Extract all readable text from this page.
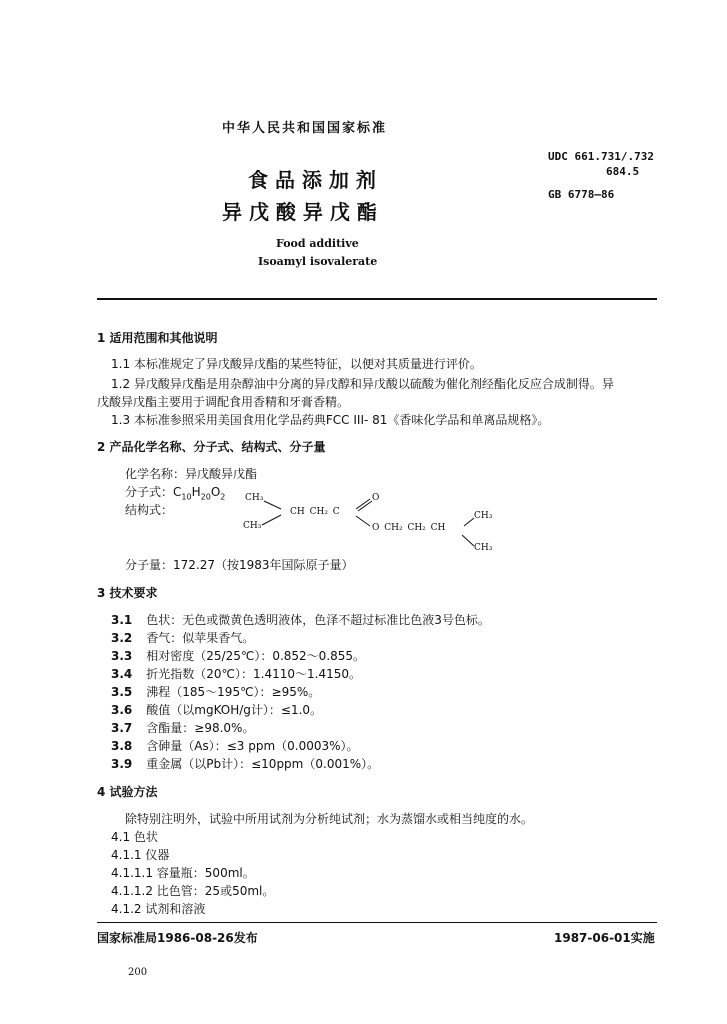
中华人民共和国国家标准
食 品 添 加 剂
异 戊 酸 异 戊 酯
Food additive
Isoamyl isovalerate
UDC 661.731/.732
684.5
GB 6778—86
1 适用范围和其他说明
1.1 本标准规定了异戊酸异戊酯的某些特征，以便对其质量进行评价。
1.2 异戊酸异戊酯是用杂醇油中分离的异戊醇和异戊酸以硫酸为催化剂经酯化反应合成制得。异
戊酸异戊酯主要用于调配食用香精和牙膏香精。
1.3 本标准参照采用美国食用化学品药典FCC III- 81《香味化学品和单离品规格》。
2 产品化学名称、分子式、结构式、分子量
化学名称：异戊酸异戊酯
分子式：$C_{10}H_{20}O_2$
结构式：
CH₃
CH₃
CH CH₂ C
O
O CH₂ CH₂ CH
CH₃
CH₃
分子量：172.27（按1983年国际原子量）
3 技术要求
3.1 色状：无色或微黄色透明液体，色泽不超过标准比色液3号色标。
3.2 香气：似苹果香气。
3.3 相对密度（25/25℃）：0.852～0.855。
3.4 折光指数（20℃）：1.4110～1.4150。
3.5 沸程（185～195℃）：≥95%。
3.6 酸值（以mgKOH/g计）：≤1.0。
3.7 含酯量：≥98.0%。
3.8 含砷量（As）：≤3 ppm（0.0003%）。
3.9 重金属（以Pb计）：≤10ppm（0.001%）。
4 试验方法
除特别注明外，试验中所用试剂为分析纯试剂；水为蒸馏水或相当纯度的水。
4.1 色状
4.1.1 仪器
4.1.1.1 容量瓶：500ml。
4.1.1.2 比色管：25或50ml。
4.1.2 试剂和溶液
国家标准局1986-08-26发布	1987-06-01实施
200
